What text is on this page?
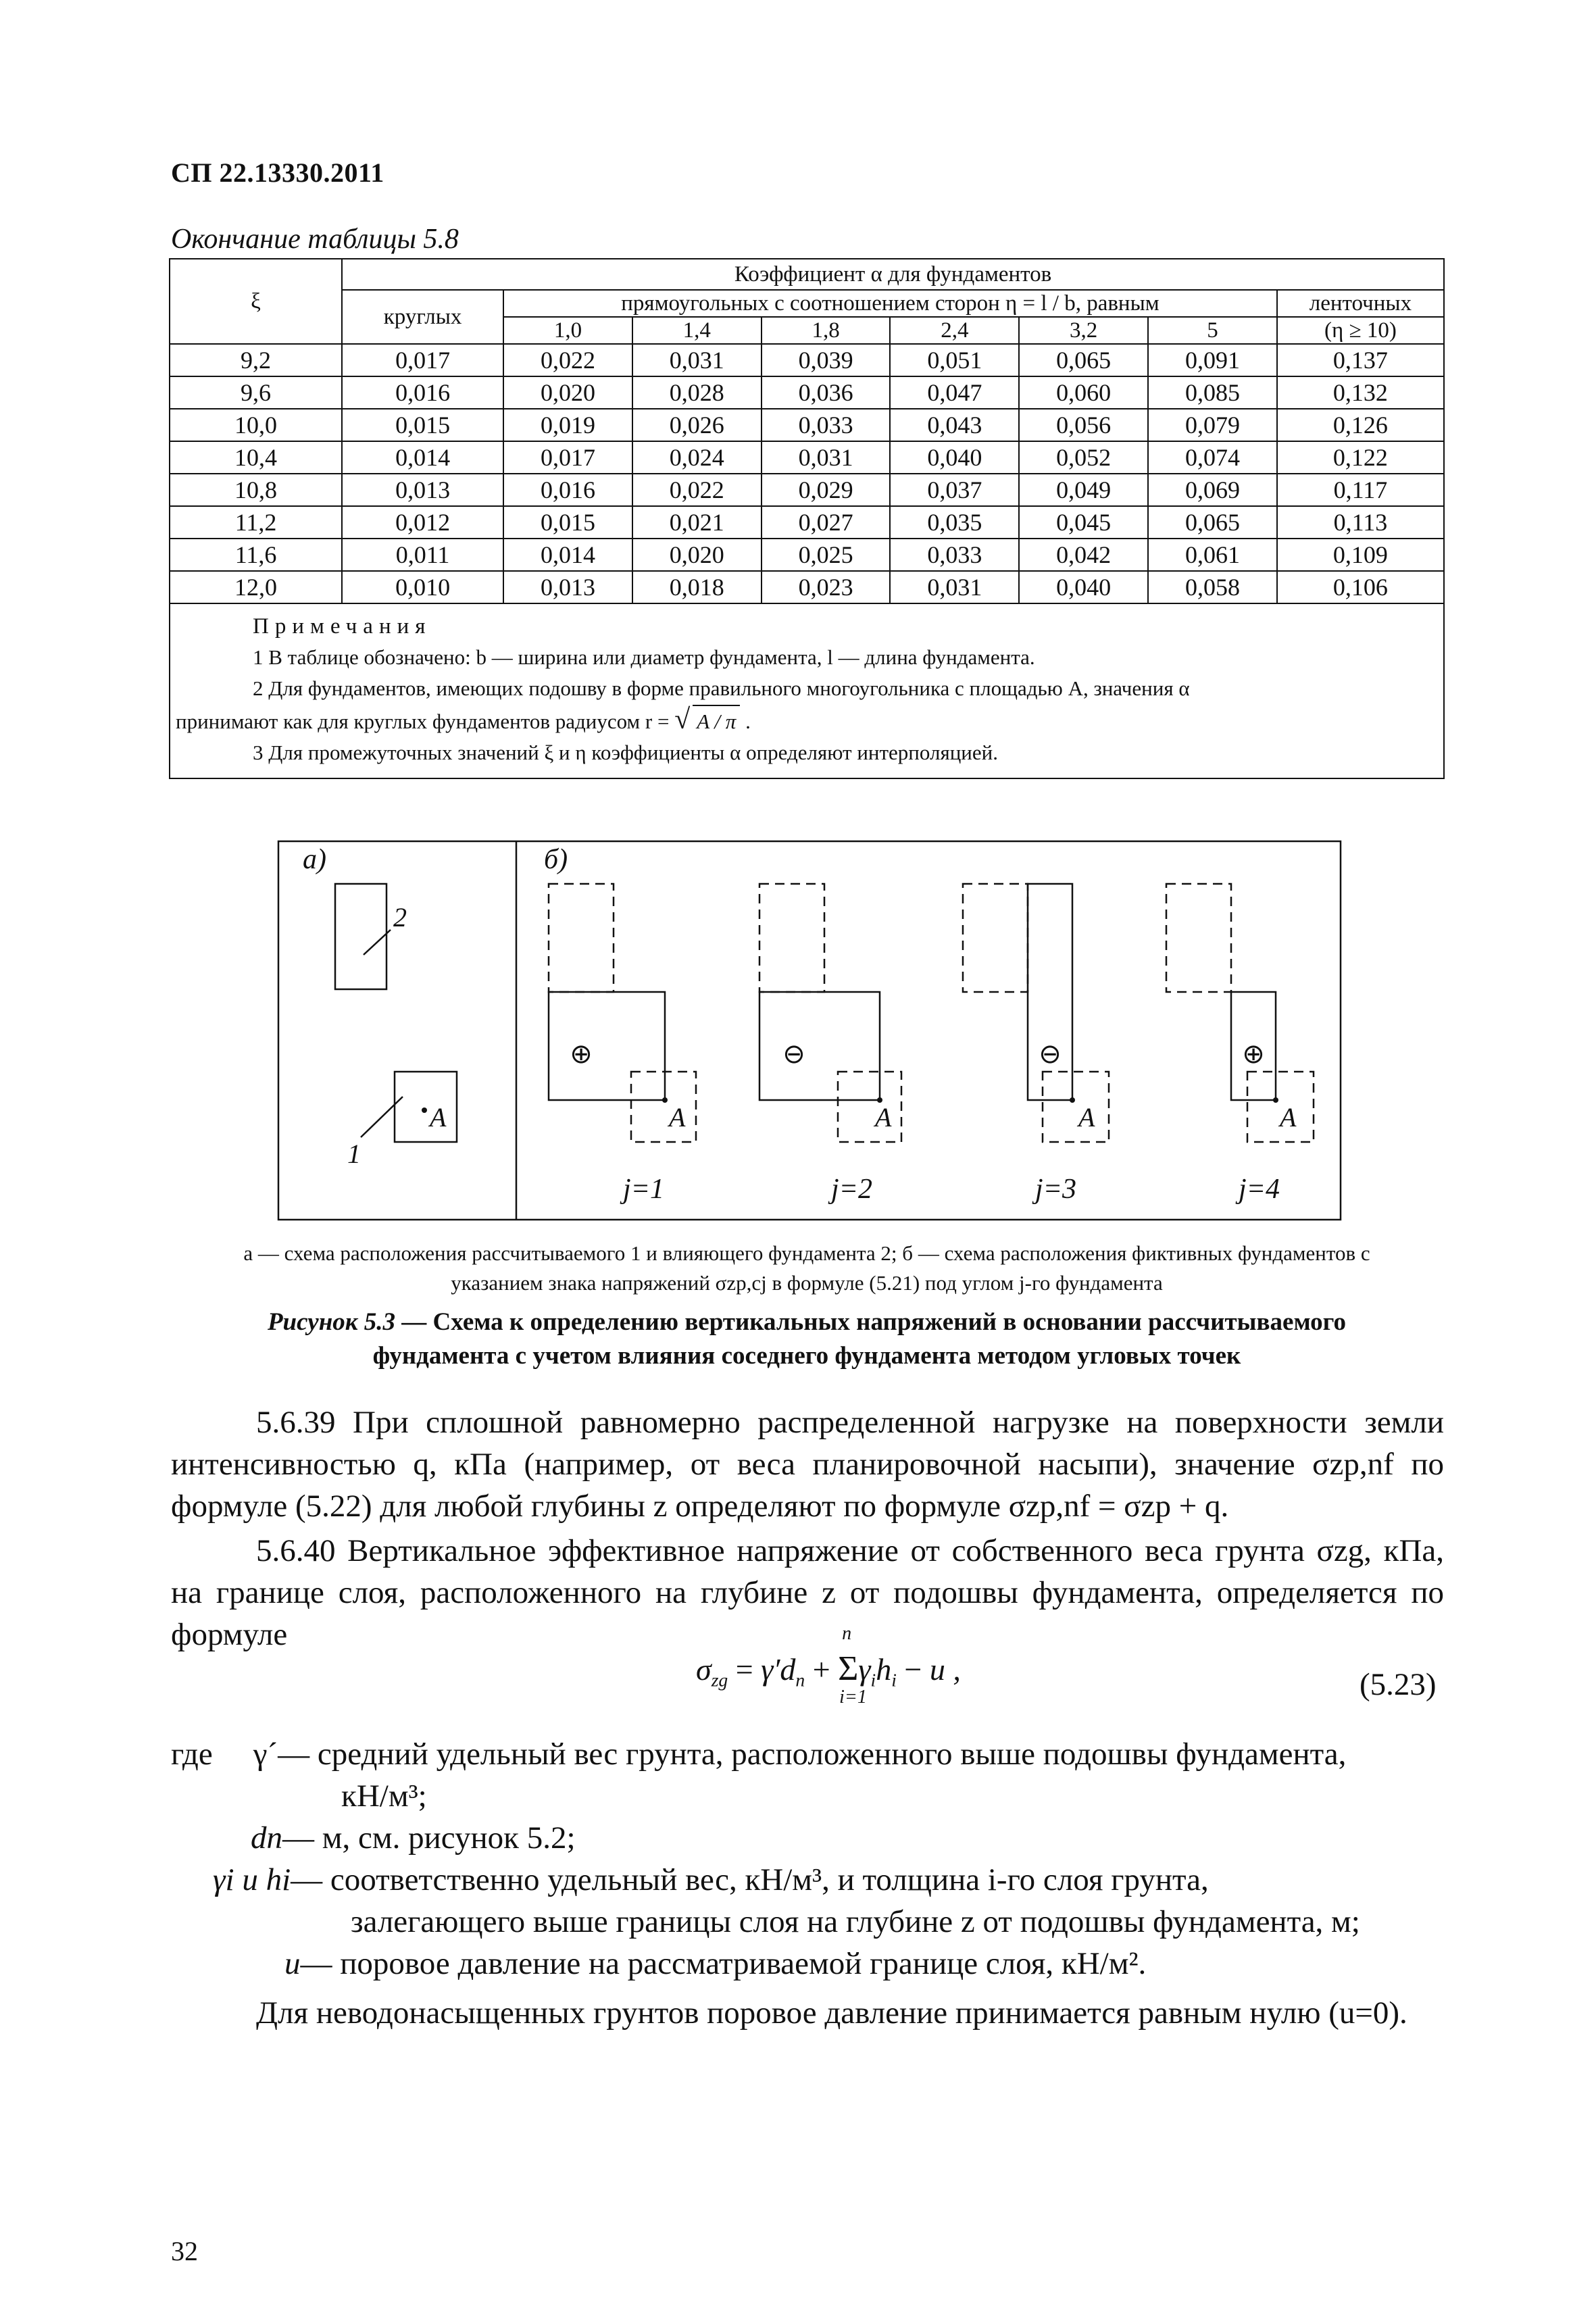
СП 22.13330.2011
Окончание таблицы 5.8
ξ	Коэффициент α для фундаментов							
	круглых	прямоугольных с соотношением сторон η = l / b, равным						ленточных
		1,0	1,4	1,8	2,4	3,2	5	(η ≥ 10)
9,2	0,017	0,022	0,031	0,039	0,051	0,065	0,091	0,137
9,6	0,016	0,020	0,028	0,036	0,047	0,060	0,085	0,132
10,0	0,015	0,019	0,026	0,033	0,043	0,056	0,079	0,126
10,4	0,014	0,017	0,024	0,031	0,040	0,052	0,074	0,122
10,8	0,013	0,016	0,022	0,029	0,037	0,049	0,069	0,117
11,2	0,012	0,015	0,021	0,027	0,035	0,045	0,065	0,113
11,6	0,011	0,014	0,020	0,025	0,033	0,042	0,061	0,109
12,0	0,010	0,013	0,018	0,023	0,031	0,040	0,058	0,106

Примечания
1 В таблице обозначено: b — ширина или диаметр фундамента, l — длина фундамента.
2 Для фундаментов, имеющих подошву в форме правильного многоугольника с площадью A, значения α
принимают как для круглых фундаментов радиусом r = √ A / π .
3 Для промежуточных значений ξ и η коэффициенты α определяют интерполяцией.								
а)	б)
2
1
A	A	A	A	A
j=1	j=2	j=3	j=4
⊕	⊖	⊖	⊕
а — схема расположения рассчитываемого 1 и влияющего фундамента 2; б — схема расположения фиктивных фундаментов с
указанием знака напряжений σzp,cj в формуле (5.21) под углом j-го фундамента
Рисунок 5.3 — Схема к определению вертикальных напряжений в основании рассчитываемого
фундамента с учетом влияния соседнего фундамента методом угловых точек
5.6.39 При сплошной равномерно распределенной нагрузке на поверхности земли интенсивностью q, кПа (например, от веса планировочной насыпи), значение σzp,nf по формуле (5.22) для любой глубины z определяют по формуле σzp,nf = σzp + q.
5.6.40 Вертикальное эффективное напряжение от собственного веса грунта σzg, кПа, на границе слоя, расположенного на глубине z от подошвы фундамента, определяется по формуле
$\sigma_{zg} = \gamma'd_n + \Sigma$
n
i=1
$\gamma_ih_i - u$ ,	(5.23)
где γ´— средний удельный вес грунта, расположенного выше подошвы фундамента,
кН/м³;
dn— м, см. рисунок 5.2;
γi и hi— соответственно удельный вес, кН/м³, и толщина i-го слоя грунта,
залегающего выше границы слоя на глубине z от подошвы фундамента, м;
u— поровое давление на рассматриваемой границе слоя, кН/м².
Для неводонасыщенных грунтов поровое давление принимается равным нулю (u=0).
32
